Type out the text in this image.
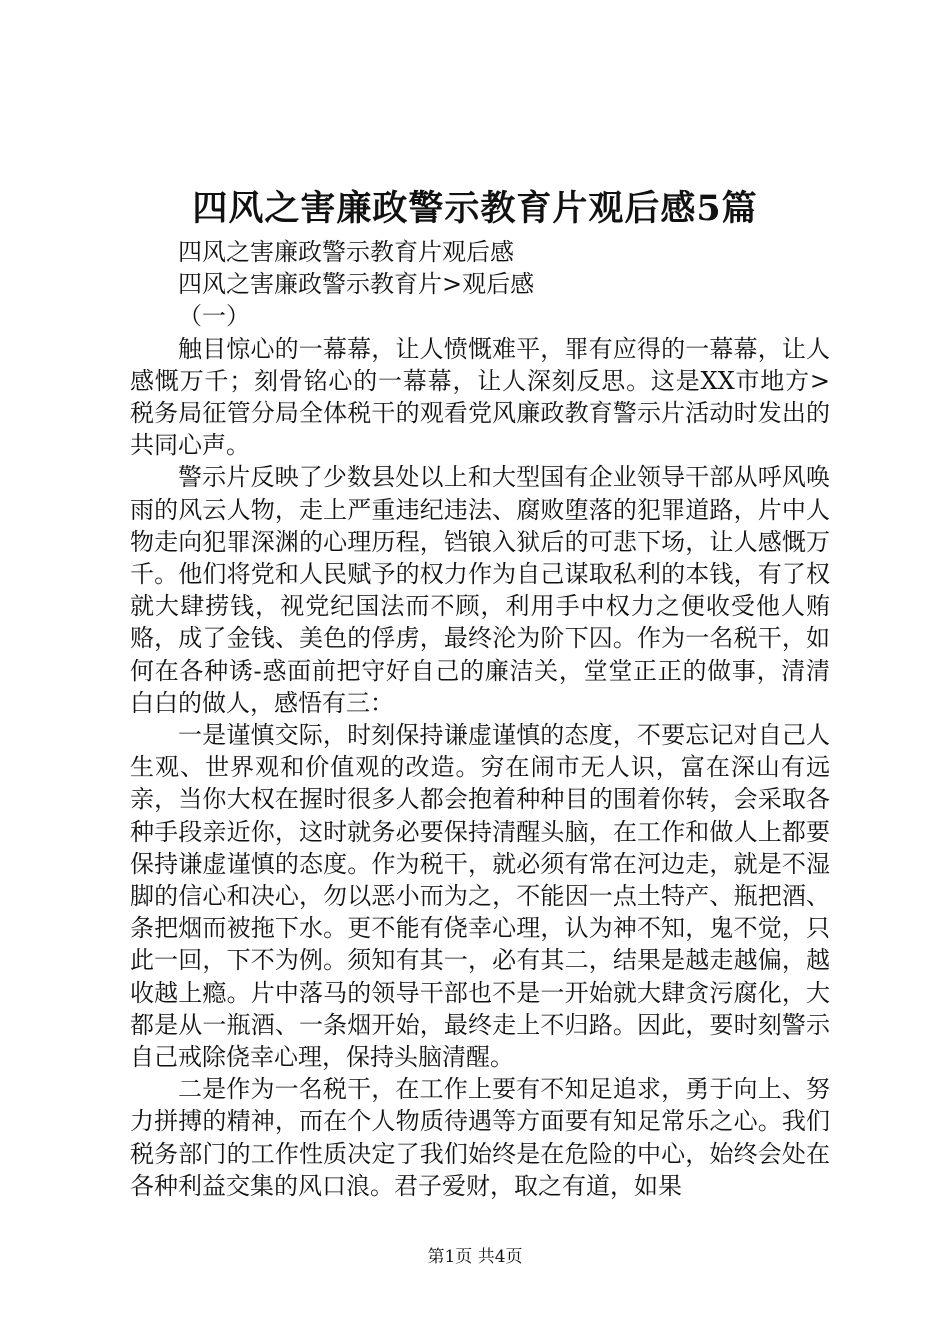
四风之害廉政警示教育片观后感5篇

四风之害廉政警示教育片观后感

四风之害廉政警示教育片>观后感

（一）

触目惊心的一幕幕，让人愤慨难平，罪有应得的一幕幕，让人感慨万千；刻骨铭心的一幕幕，让人深刻反思。这是XX市地方>税务局征管分局全体税干的观看党风廉政教育警示片活动时发出的共同心声。

警示片反映了少数县处以上和大型国有企业领导干部从呼风唤雨的风云人物，走上严重违纪违法、腐败堕落的犯罪道路，片中人物走向犯罪深渊的心理历程，铛锒入狱后的可悲下场，让人感慨万千。他们将党和人民赋予的权力作为自己谋取私利的本钱，有了权就大肆捞钱，视党纪国法而不顾，利用手中权力之便收受他人贿赂，成了金钱、美色的俘虏，最终沦为阶下囚。作为一名税干，如何在各种诱-惑面前把守好自己的廉洁关，堂堂正正的做事，清清白白的做人，感悟有三：

一是谨慎交际，时刻保持谦虚谨慎的态度，不要忘记对自己人生观、世界观和价值观的改造。穷在闹市无人识，富在深山有远亲，当你大权在握时很多人都会抱着种种目的围着你转，会采取各种手段亲近你，这时就务必要保持清醒头脑，在工作和做人上都要保持谦虚谨慎的态度。作为税干，就必须有常在河边走，就是不湿脚的信心和决心，勿以恶小而为之，不能因一点土特产、瓶把酒、条把烟而被拖下水。更不能有侥幸心理，认为神不知，鬼不觉，只此一回，下不为例。须知有其一，必有其二，结果是越走越偏，越收越上瘾。片中落马的领导干部也不是一开始就大肆贪污腐化，大都是从一瓶酒、一条烟开始，最终走上不归路。因此，要时刻警示自己戒除侥幸心理，保持头脑清醒。

二是作为一名税干，在工作上要有不知足追求，勇于向上、努力拼搏的精神，而在个人物质待遇等方面要有知足常乐之心。我们税务部门的工作性质决定了我们始终是在危险的中心，始终会处在各种利益交集的风口浪。君子爱财，取之有道，如果

第1页 共4页
